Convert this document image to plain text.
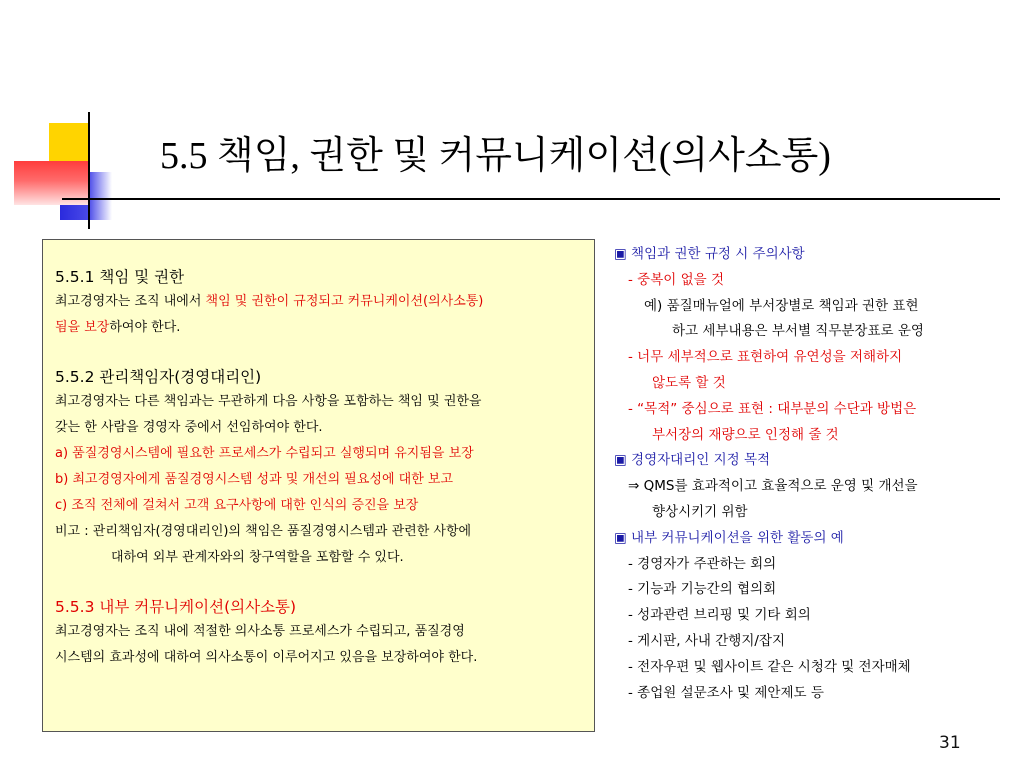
5.5 책임, 권한 및 커뮤니케이션(의사소통)
5.5.1 책임 및 권한
최고경영자는 조직 내에서 책임 및 권한이 규정되고 커뮤니케이션(의사소통)
됨을 보장하여야 한다.
5.5.2 관리책임자(경영대리인)
최고경영자는 다른 책임과는 무관하게 다음 사항을 포함하는 책임 및 권한을
갖는 한 사람을 경영자 중에서 선임하여야 한다.
a) 품질경영시스템에 필요한 프로세스가 수립되고 실행되며 유지됨을 보장
b) 최고경영자에게 품질경영시스템 성과 및 개선의 필요성에 대한 보고
c) 조직 전체에 걸쳐서 고객 요구사항에 대한 인식의 증진을 보장
비고 : 관리책임자(경영대리인)의 책임은 품질경영시스템과 관련한 사항에
대하여 외부 관계자와의 창구역할을 포함할 수 있다.
5.5.3 내부 커뮤니케이션(의사소통)
최고경영자는 조직 내에 적절한 의사소통 프로세스가 수립되고, 품질경영
시스템의 효과성에 대하여 의사소통이 이루어지고 있음을 보장하여야 한다.
▣ 책임과 권한 규정 시 주의사항
- 중복이 없을 것
예) 품질매뉴얼에 부서장별로 책임과 권한 표현
하고 세부내용은 부서별 직무분장표로 운영
- 너무 세부적으로 표현하여 유연성을 저해하지
않도록 할 것
- “목적” 중심으로 표현 : 대부분의 수단과 방법은
부서장의 재량으로 인정해 줄 것
▣ 경영자대리인 지정 목적
⇒ QMS를 효과적이고 효율적으로 운영 및 개선을
향상시키기 위함
▣ 내부 커뮤니케이션을 위한 활동의 예
- 경영자가 주관하는 회의
- 기능과 기능간의 협의회
- 성과관련 브리핑 및 기타 회의
- 게시판, 사내 간행지/잡지
- 전자우편 및 웹사이트 같은 시청각 및 전자매체
- 종업원 설문조사 및 제안제도 등
31
